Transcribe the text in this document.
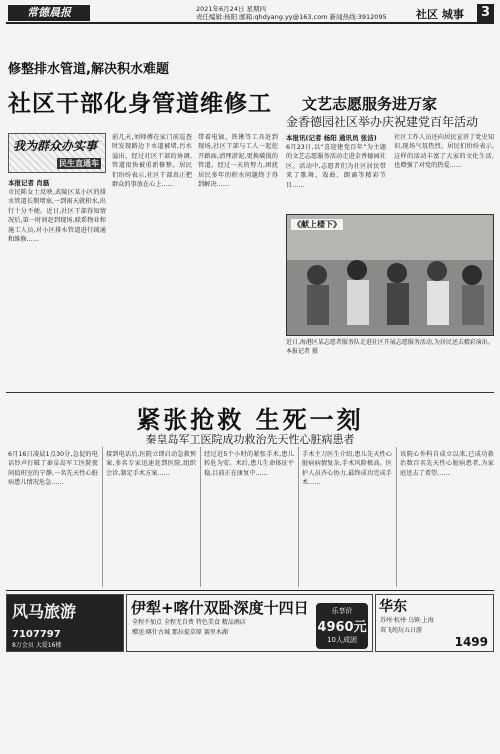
常德晨报	2021年6月24日 星期四
责任编辑:杨阳 邮箱:qhdyang.yy@163.com 新闻热线:3912095	社区 城事	3
修整排水管道,解决积水难题
社区干部化身管道维修工
我为群众办实事
民生直通车
本报记者 肖磊
市民陈女士反映,武陵区某小区的排水管道长期堵塞,一到雨天就积水,出行十分不便。近日,社区干部得知情况后,第一时间赶到现场,联系物业和施工人员,对小区排水管道进行疏通和维修……
前几天,刘师傅在家门前巡查时发现路边下水道被堵,污水溢出。经过社区干部的协调,管道很快被重新修整。居民们纷纷表示,社区干部真正把群众的事放在心上……
带着电镐、铁锹等工具赶到现场,社区干部与工人一起挖开路面,清理淤泥,更换破损的管道。经过一天的努力,困扰居民多年的积水问题终于得到解决……
文艺志愿服务进万家
金香德园社区举办庆祝建党百年活动
本报讯(记者 杨阳 通讯员 张洁)
6月23日,以“喜迎建党百年”为主题的文艺志愿服务活动走进金香德园社区。活动中,志愿者们为社区居民带来了歌舞、戏曲、朗诵等精彩节目……
社区工作人员还向居民宣讲了党史知识,现场气氛热烈。居民们纷纷表示,这样的活动丰富了大家的文化生活,也增强了对党的热爱……
《献上楼下》
近日,海港区某志愿者服务队走进社区开展志愿服务活动,为居民送去精彩演出。本报记者 摄
紧张抢救 生死一刻
秦皇岛军工医院成功救治先天性心脏病患者
6月16日凌晨1点30分,急促的电话铃声打破了秦皇岛军工医院夜间值班室的宁静,一名先天性心脏病患儿情况危急……
接到电话后,医院立即启动急救预案,多名专家迅速赶到医院,组织会诊,制定手术方案……
经过近5个小时的紧张手术,患儿转危为安。术后,患儿生命体征平稳,目前正在康复中……
手术主刀医生介绍,患儿先天性心脏病病情复杂,手术风险极高。医护人员齐心协力,最终成功完成手术……
该院心外科自成立以来,已成功救治数百名先天性心脏病患者,为家庭送去了希望……
风马旅游
7107797
8万会员 大爱16楼
伊犁+喀什双卧深度十四日
全程不加点 全程无自费 特色美食 精品酒店
赠送:喀什古城 那拉提草原 赛里木湖
乐享价
4960元
10人成团
华东
苏州·杭州·乌镇·上海
双飞纯玩五日游
1499
